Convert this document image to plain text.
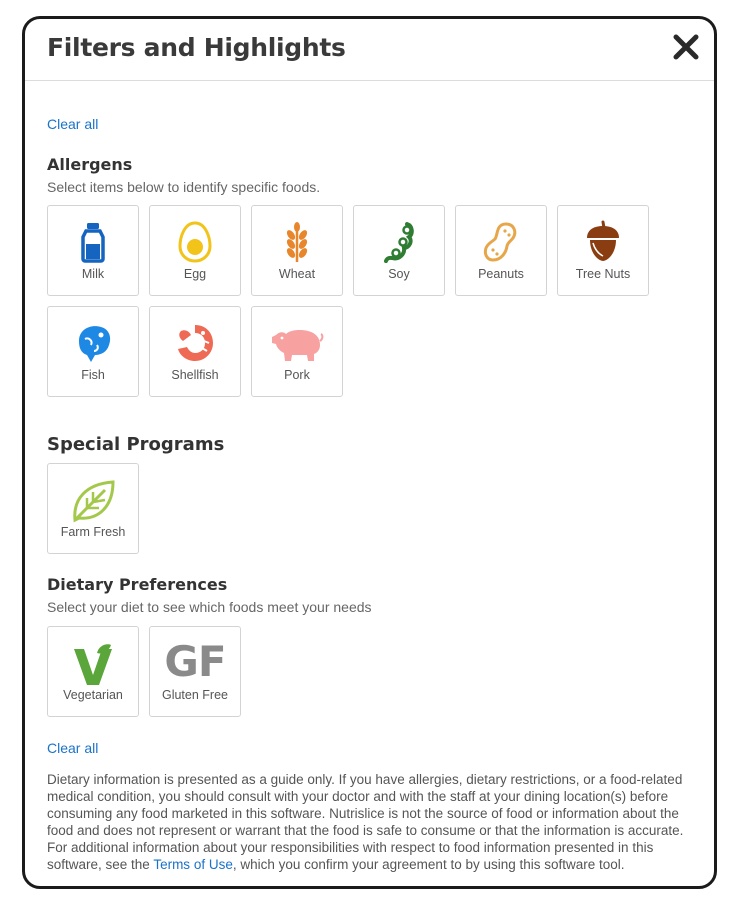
Filters and Highlights
Clear all
Allergens
Select items below to identify specific foods.
Milk	Egg	Wheat	Soy	Peanuts	Tree Nuts
Fish	Shellfish	Pork
Special Programs
Farm Fresh
Dietary Preferences
Select your diet to see which foods meet your needs
Vegetarian
GF
Gluten Free
Clear all
Dietary information is presented as a guide only. If you have allergies, dietary restrictions, or a food-related medical condition, you should consult with your doctor and with the staff at your dining location(s) before consuming any food marketed in this software. Nutrislice is not the source of food or information about the food and does not represent or warrant that the food is safe to consume or that the information is accurate. For additional information about your responsibilities with respect to food information presented in this software, see the Terms of Use, which you confirm your agreement to by using this software tool.
